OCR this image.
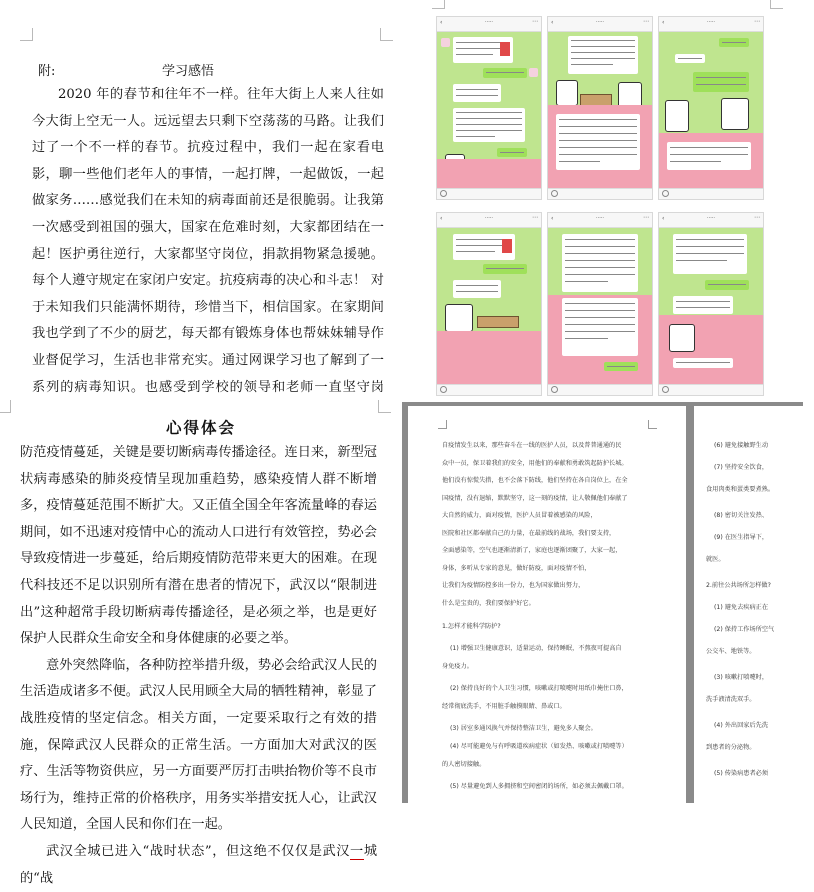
附:	学习感悟

2020 年的春节和往年不一样。往年大街上人来人往如今大街上空无一人。远远望去只剩下空荡荡的马路。让我们过了一个不一样的春节。抗疫过程中，我们一起在家看电影，聊一些他们老年人的事情，一起打牌，一起做饭，一起做家务……感觉我们在未知的病毒面前还是很脆弱。让我第一次感受到祖国的强大，国家在危难时刻，大家都团结在一起！医护勇往逆行，大家都坚守岗位，捐款捐物紧急援驰。每个人遵守规定在家闭户安定。抗疫病毒的决心和斗志！ 对于未知我们只能满怀期待，珍惜当下，相信国家。在家期间我也学到了不少的厨艺，每天都有锻炼身体也帮妹妹辅导作业督促学习，生活也非常充实。通过网课学习也了解到了一系列的病毒知识。也感受到学校的领导和老师一直坚守岗

‹	·····	⋯ ‹	·····	⋯ ‹	·····	⋯
‹	·····	⋯ ‹	·····	⋯ ‹	·····	⋯
心得体会

防范疫情蔓延，关键是要切断病毒传播途径。连日来，新型冠状病毒感染的肺炎疫情呈现加重趋势，感染疫情人群不断增多，疫情蔓延范围不断扩大。又正值全国全年客流量峰的春运期间，如不迅速对疫情中心的流动人口进行有效管控，势必会导致疫情进一步蔓延，给后期疫情防范带来更大的困难。在现代科技还不足以识别所有潜在患者的情况下，武汉以“限制进出”这种超常手段切断病毒传播途径，是必须之举，也是更好保护人民群众生命安全和身体健康的必要之举。

意外突然降临，各种防控举措升级，势必会给武汉人民的生活造成诸多不便。武汉人民用顾全大局的牺牲精神，彰显了战胜疫情的坚定信念。相关方面，一定要采取行之有效的措施，保障武汉人民群众的正常生活。一方面加大对武汉的医疗、生活等物资供应，另一方面要严厉打击哄抬物价等不良市场行为，维持正常的价格秩序，用务实举措安抚人心，让武汉人民知道，全国人民和你们在一起。

武汉全城已进入“战时状态”，但这绝不仅仅是武汉一城的“战

自疫情发生以来，那些奋斗在一线的医护人员，以及普普通通的民
众中一员，保卫着我们的安全，用他们的奉献和勇敢筑起防护长城。
他们没有惊慌失措，也不会落下防线，他们坚持在各自岗位上，在全
国疫情，没有退缩，默默坚守，这一刻的疫情，让人敬佩他们奉献了
大自然的威力，面对疫情，医护人员冒着被感染的风险，
医院和社区都奉献自己的力量，在最前线的战场，我们要支持，
全面感染等，空气也逐渐清新了，家庭也逐渐团聚了，大家一起，
身体，多听从专家的意见，做好防疫，面对疫情不怕，
让我们为疫情防控多出一份力，也为国家做出努力，
什么是宝贵的，我们要保护好它。
1.怎样才能科学防护?
(1) 增强卫生健康意识，适量运动，保持睡眠，不熬夜可提高自
身免疫力。
(2) 保持良好的个人卫生习惯，咳嗽或打喷嚏时用纸巾掩住口鼻，
经常彻底洗手，不用脏手触摸眼睛、鼻或口。
(3) 居室多通风换气并保持整洁卫生，避免多人聚会。
(4) 尽可能避免与有呼吸道疾病症状（如发热、咳嗽或打喷嚏等）
的人密切接触。
(5) 尽量避免到人多拥挤和空间密闭的场所，如必须去佩戴口罩。
(6) 避免接触野生动
(7) 坚持安全饮食，
食用肉类和蛋类要煮熟。
(8) 密切关注发热、
(9) 在医生指导下，
就医。
2.前往公共场所怎样做?
(1) 避免去疾病正在
(2) 保持工作场所空气
公交车、地铁等。
(3) 咳嗽打喷嚏时，
洗手液清洗双手。
(4) 外出回家后先洗
到患者的分泌物。
(5) 传染病患者必须
